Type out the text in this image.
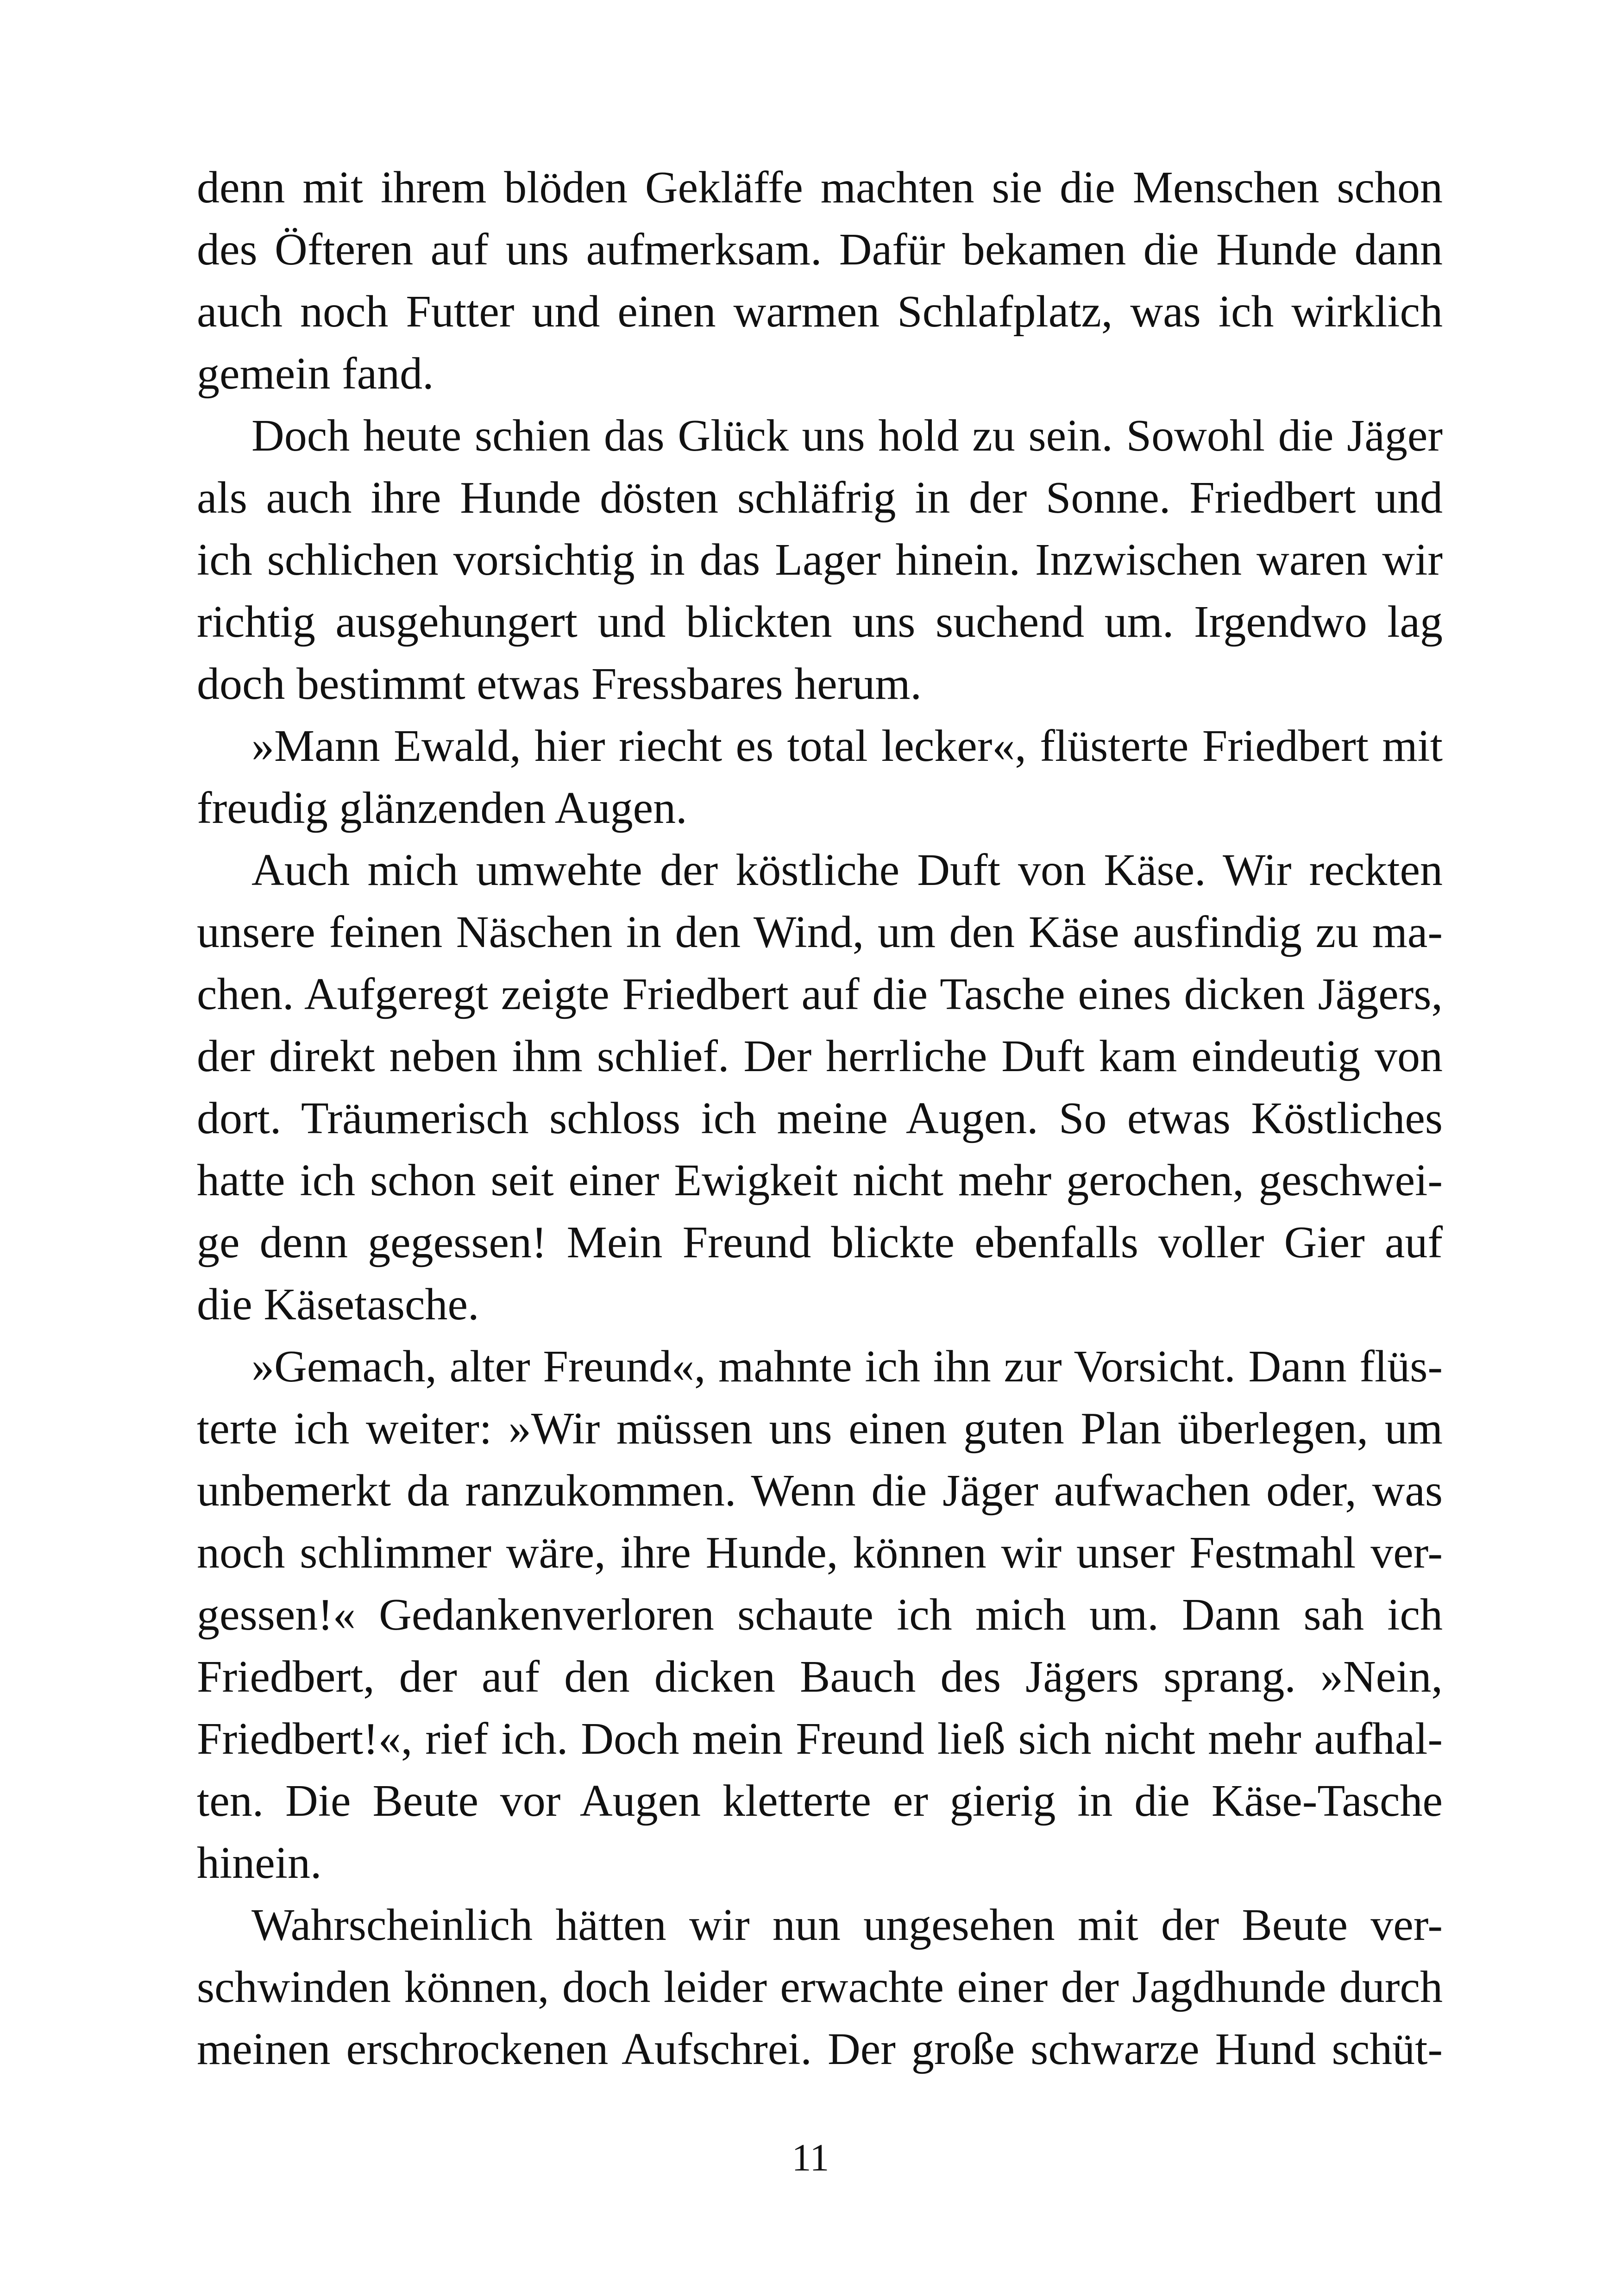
denn mit ihrem blöden Gekläffe machten sie die Menschen schon
des Öfteren auf uns aufmerksam. Dafür bekamen die Hunde dann
auch noch Futter und einen warmen Schlafplatz, was ich wirklich
gemein fand.
Doch heute schien das Glück uns hold zu sein. Sowohl die Jäger
als auch ihre Hunde dösten schläfrig in der Sonne. Friedbert und
ich schlichen vorsichtig in das Lager hinein. Inzwischen waren wir
richtig ausgehungert und blickten uns suchend um. Irgendwo lag
doch bestimmt etwas Fressbares herum.
»Mann Ewald, hier riecht es total lecker«, flüsterte Friedbert mit
freudig glänzenden Augen.
Auch mich umwehte der köstliche Duft von Käse. Wir reckten
unsere feinen Näschen in den Wind, um den Käse ausfindig zu ma-
chen. Aufgeregt zeigte Friedbert auf die Tasche eines dicken Jägers,
der direkt neben ihm schlief. Der herrliche Duft kam eindeutig von
dort. Träumerisch schloss ich meine Augen. So etwas Köstliches
hatte ich schon seit einer Ewigkeit nicht mehr gerochen, geschwei-
ge denn gegessen! Mein Freund blickte ebenfalls voller Gier auf
die Käsetasche.
»Gemach, alter Freund«, mahnte ich ihn zur Vorsicht. Dann flüs-
terte ich weiter: »Wir müssen uns einen guten Plan überlegen, um
unbemerkt da ranzukommen. Wenn die Jäger aufwachen oder, was
noch schlimmer wäre, ihre Hunde, können wir unser Festmahl ver-
gessen!« Gedankenverloren schaute ich mich um. Dann sah ich
Friedbert, der auf den dicken Bauch des Jägers sprang. »Nein,
Friedbert!«, rief ich. Doch mein Freund ließ sich nicht mehr aufhal-
ten. Die Beute vor Augen kletterte er gierig in die Käse-Tasche
hinein.
Wahrscheinlich hätten wir nun ungesehen mit der Beute ver-
schwinden können, doch leider erwachte einer der Jagdhunde durch
meinen erschrockenen Aufschrei. Der große schwarze Hund schüt-
11
